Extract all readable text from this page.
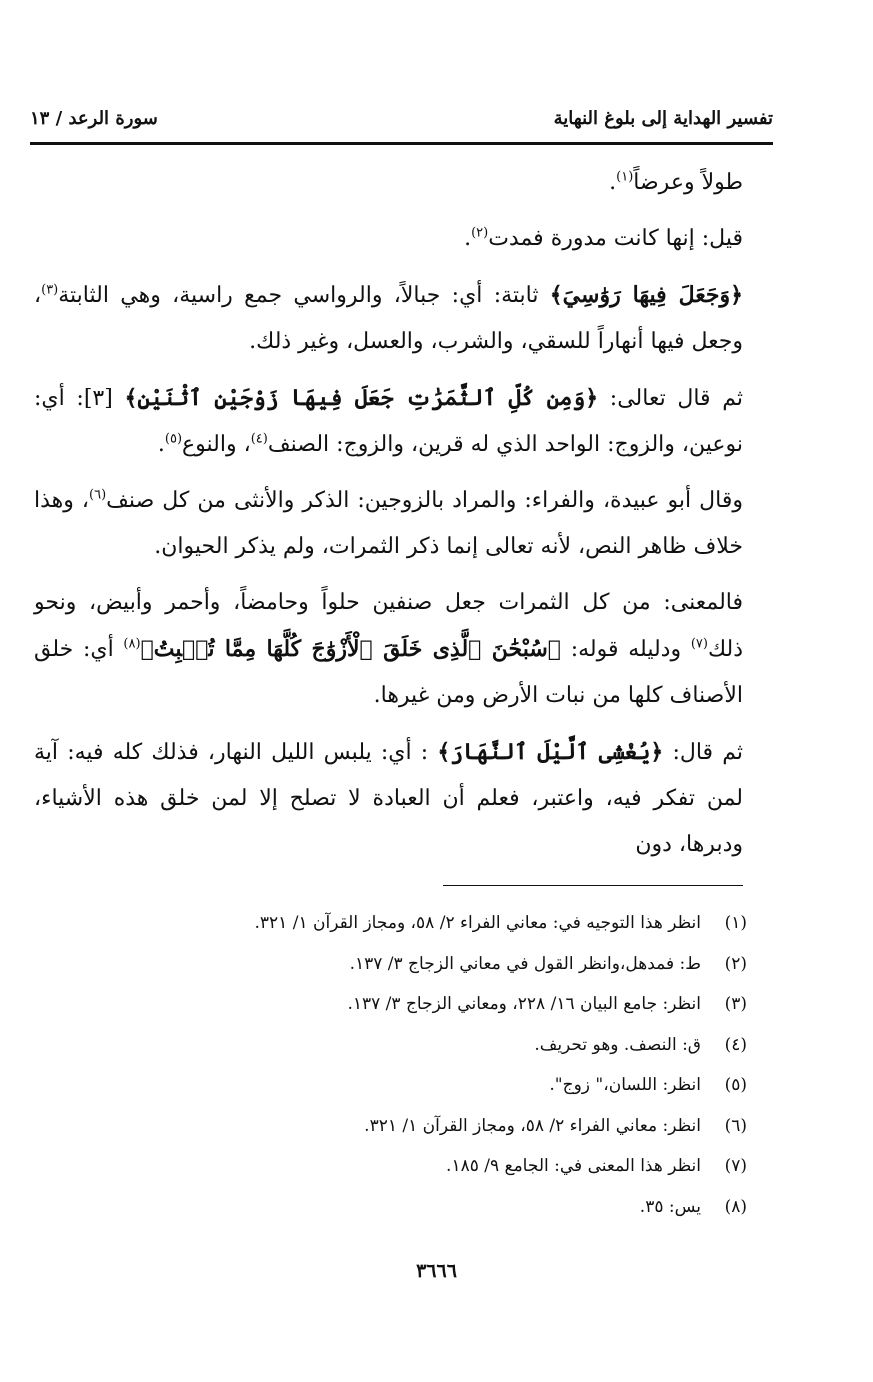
تفسير الهداية إلى بلوغ النهاية
سورة الرعد / ١٣

طولاً وعرضاً$^{(١)}$.

قيل: إنها كانت مدورة فمدت$^{(٢)}$.

﴿وَجَعَلَ فِيهَا رَوَٰسِيَ﴾ ثابتة: أي: جبالاً، والرواسي جمع راسية، وهي الثابتة$^{(٣)}$، وجعل فيها أنهاراً للسقي، والشرب، والعسل، وغير ذلك.

ثم قال تعالى: ﴿وَمِن كُلِّ ٱلثَّمَرَٰتِ جَعَلَ فِيهَا زَوْجَيْنِ ٱثْنَيْنِ﴾ [٣]: أي: نوعين، والزوج: الواحد الذي له قرين، والزوج: الصنف$^{(٤)}$، والنوع$^{(٥)}$.

وقال أبو عبيدة، والفراء: والمراد بالزوجين: الذكر والأنثى من كل صنف$^{(٦)}$، وهذا خلاف ظاهر النص، لأنه تعالى إنما ذكر الثمرات، ولم يذكر الحيوان.

فالمعنى: من كل الثمرات جعل صنفين حلواً وحامضاً، وأحمر وأبيض، ونحو ذلك$^{(٧)}$ ودليله قوله: ﴿سُبْحَٰنَ ٱلَّذِى خَلَقَ ٱلْأَزْوَٰجَ كُلَّهَا مِمَّا تُنۢبِتُ﴾$^{(٨)}$ أي: خلق الأصناف كلها من نبات الأرض ومن غيرها.

ثم قال: ﴿يُغْشِى ٱلَّيْلَ ٱلنَّهَارَ﴾ : أي: يلبس الليل النهار، فذلك كله فيه: آية لمن تفكر فيه، واعتبر، فعلم أن العبادة لا تصلح إلا لمن خلق هذه الأشياء، ودبرها، دون

(١)
انظر هذا التوجيه في: معاني الفراء ٢/ ٥٨، ومجاز القرآن ١/ ٣٢١.
(٢)
ط: فمدهل،وانظر القول في معاني الزجاج ٣/ ١٣٧.
(٣)
انظر: جامع البيان ١٦/ ٢٢٨، ومعاني الزجاج ٣/ ١٣٧.
(٤)
ق: النصف. وهو تحريف.
(٥)
انظر: اللسان،" زوج".
(٦)
انظر: معاني الفراء ٢/ ٥٨، ومجاز القرآن ١/ ٣٢١.
(٧)
انظر هذا المعنى في: الجامع ٩/ ١٨٥.
(٨)
يس: ٣٥.
٣٦٦٦
